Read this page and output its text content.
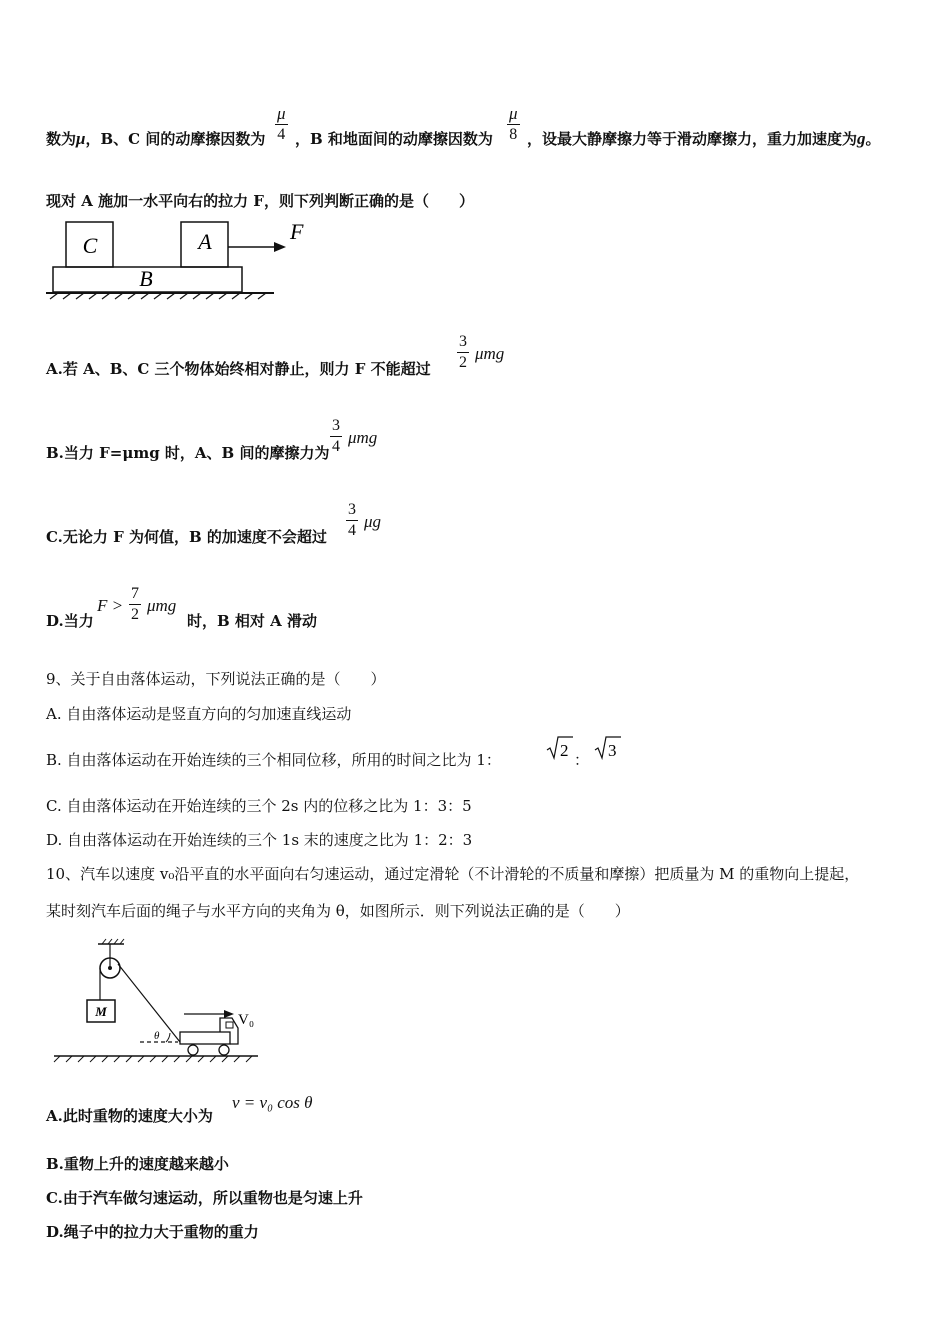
数为μ，B、C 间的动摩擦因数为
μ
4 ，B 和地面间的动摩擦因数为
μ
8 ，设最大静摩擦力等于滑动摩擦力，重力加速度为g。
现对 A 施加一水平向右的拉力 F，则下列判断正确的是（　　）
C	A
B
F
A.若 A、B、C 三个物体始终相对静止，则力 F 不能超过
3
2 μmg
B.当力 F=μmg 时，A、B 间的摩擦力为
3
4 μmg
C.无论力 F 为何值，B 的加速度不会超过
3
4 μg
D.当力
F >
7
2 μmg
时，B 相对 A 滑动
9、关于自由落体运动，下列说法正确的是（　　）
A. 自由落体运动是竖直方向的匀加速直线运动
B. 自由落体运动在开始连续的三个相同位移，所用的时间之比为 1：	2 ： 3
C. 自由落体运动在开始连续的三个 2s 内的位移之比为 1：3：5
D. 自由落体运动在开始连续的三个 1s 末的速度之比为 1：2：3
10、汽车以速度 v₀沿平直的水平面向右匀速运动，通过定滑轮（不计滑轮的不质量和摩擦）把质量为 M 的重物向上提起，
某时刻汽车后面的绳子与水平方向的夹角为 θ，如图所示．则下列说法正确的是（　　）
M
θ
V₀
A.此时重物的速度大小为
v = v₀ cos θ
B.重物上升的速度越来越小
C.由于汽车做匀速运动，所以重物也是匀速上升
D.绳子中的拉力大于重物的重力
